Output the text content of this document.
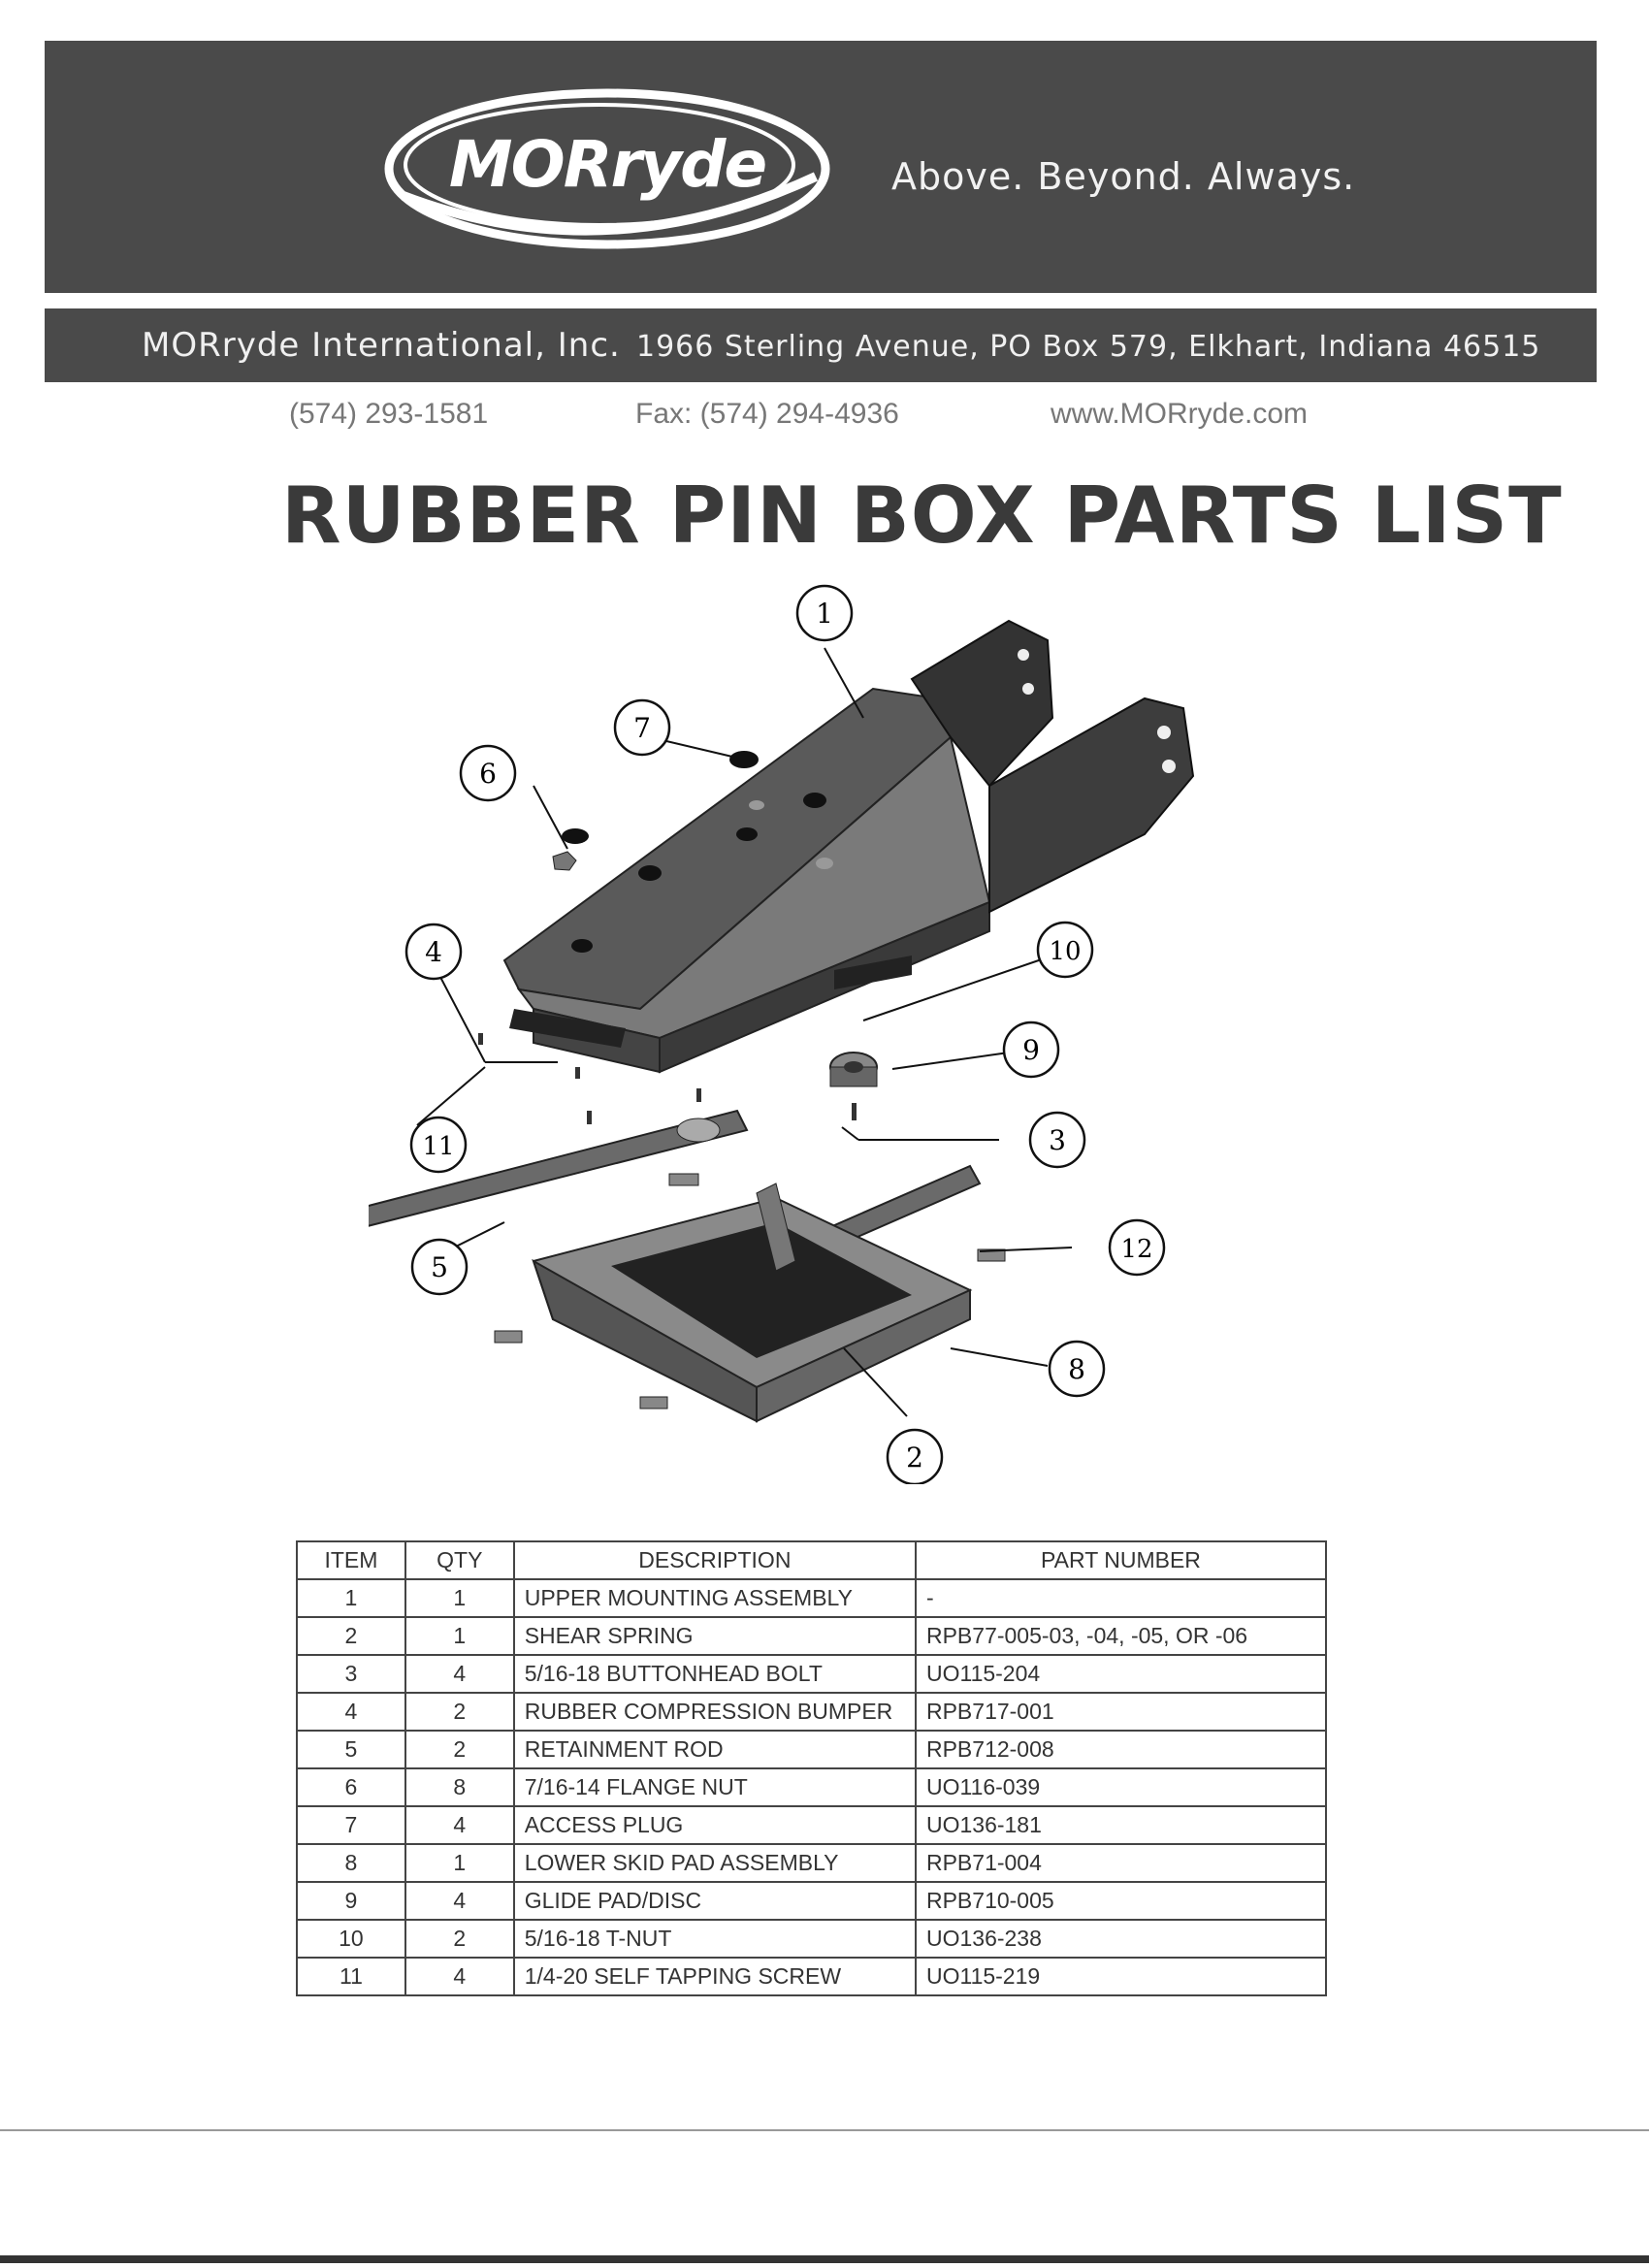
MORryde	Above. Beyond. Always.
MORryde International, Inc. 1966 Sterling Avenue, PO Box 579, Elkhart, Indiana 46515
(574) 293-1581	Fax: (574) 294-4936	www.MORryde.com
RUBBER PIN BOX PARTS LIST
1
7
6
4	10
9
3
11
5
12
8
2
ITEM	QTY	DESCRIPTION	PART NUMBER
1	1	UPPER MOUNTING ASSEMBLY	-
2	1	SHEAR SPRING	RPB77-005-03, -04, -05, OR -06
3	4	5/16-18 BUTTONHEAD BOLT	UO115-204
4	2	RUBBER COMPRESSION BUMPER	RPB717-001
5	2	RETAINMENT ROD	RPB712-008
6	8	7/16-14 FLANGE NUT	UO116-039
7	4	ACCESS PLUG	UO136-181
8	1	LOWER SKID PAD ASSEMBLY	RPB71-004
9	4	GLIDE PAD/DISC	RPB710-005
10	2	5/16-18 T-NUT	UO136-238
11	4	1/4-20 SELF TAPPING SCREW	UO115-219
